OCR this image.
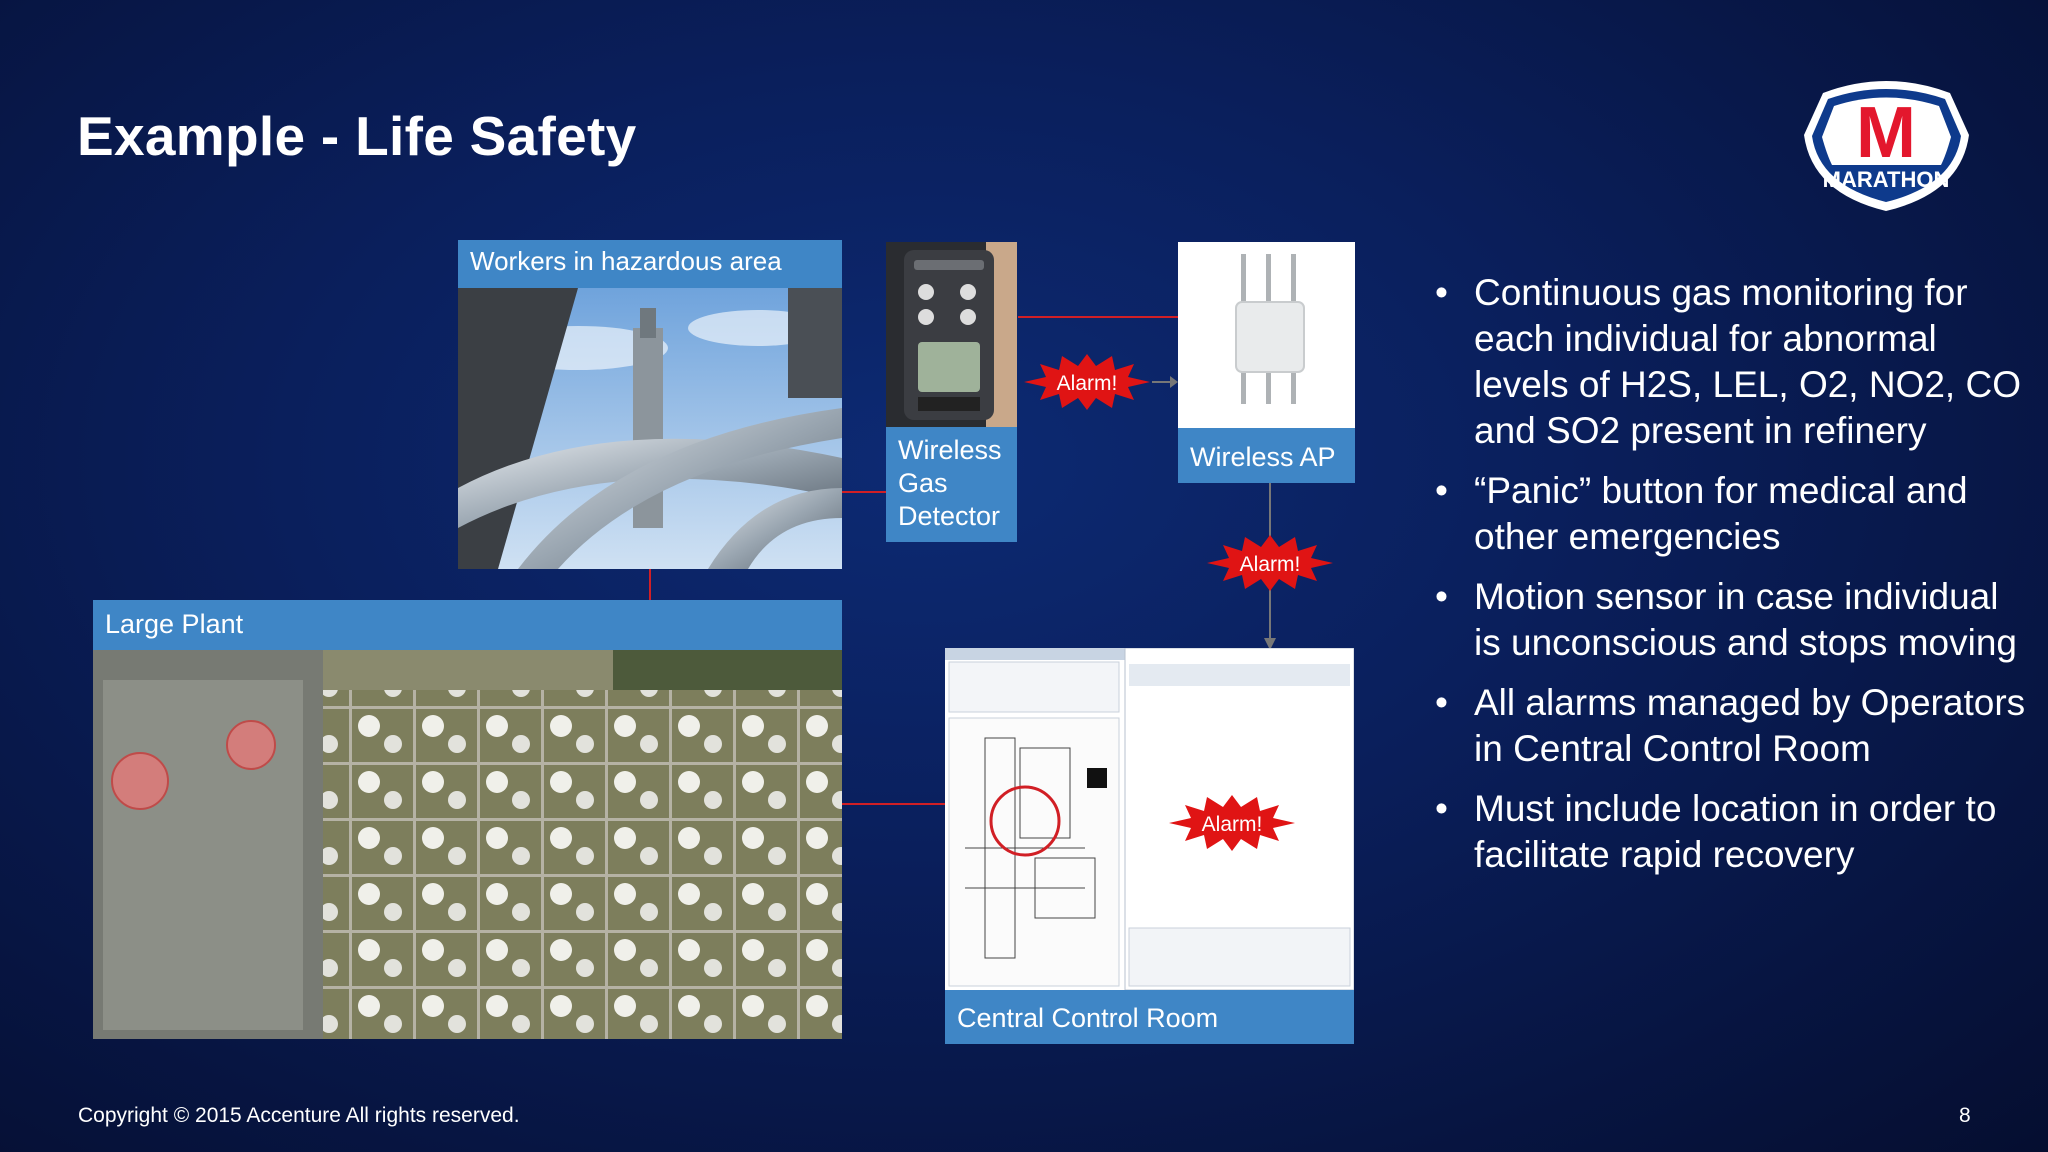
Example - Life Safety	M
MARATHON
Workers in hazardous area
Wireless
Gas
Detector
Wireless AP
Large Plant
Central Control Room
Alarm!
Alarm!
Alarm!
• Continuous gas monitoring for each individual for abnormal levels of H2S, LEL, O2, NO2, CO and SO2 present in refinery
• “Panic” button for medical and other emergencies
• Motion sensor in case individual is unconscious and stops moving
• All alarms managed by Operators in Central Control Room
• Must include location in order to facilitate rapid recovery
Copyright © 2015 Accenture All rights reserved.	8
